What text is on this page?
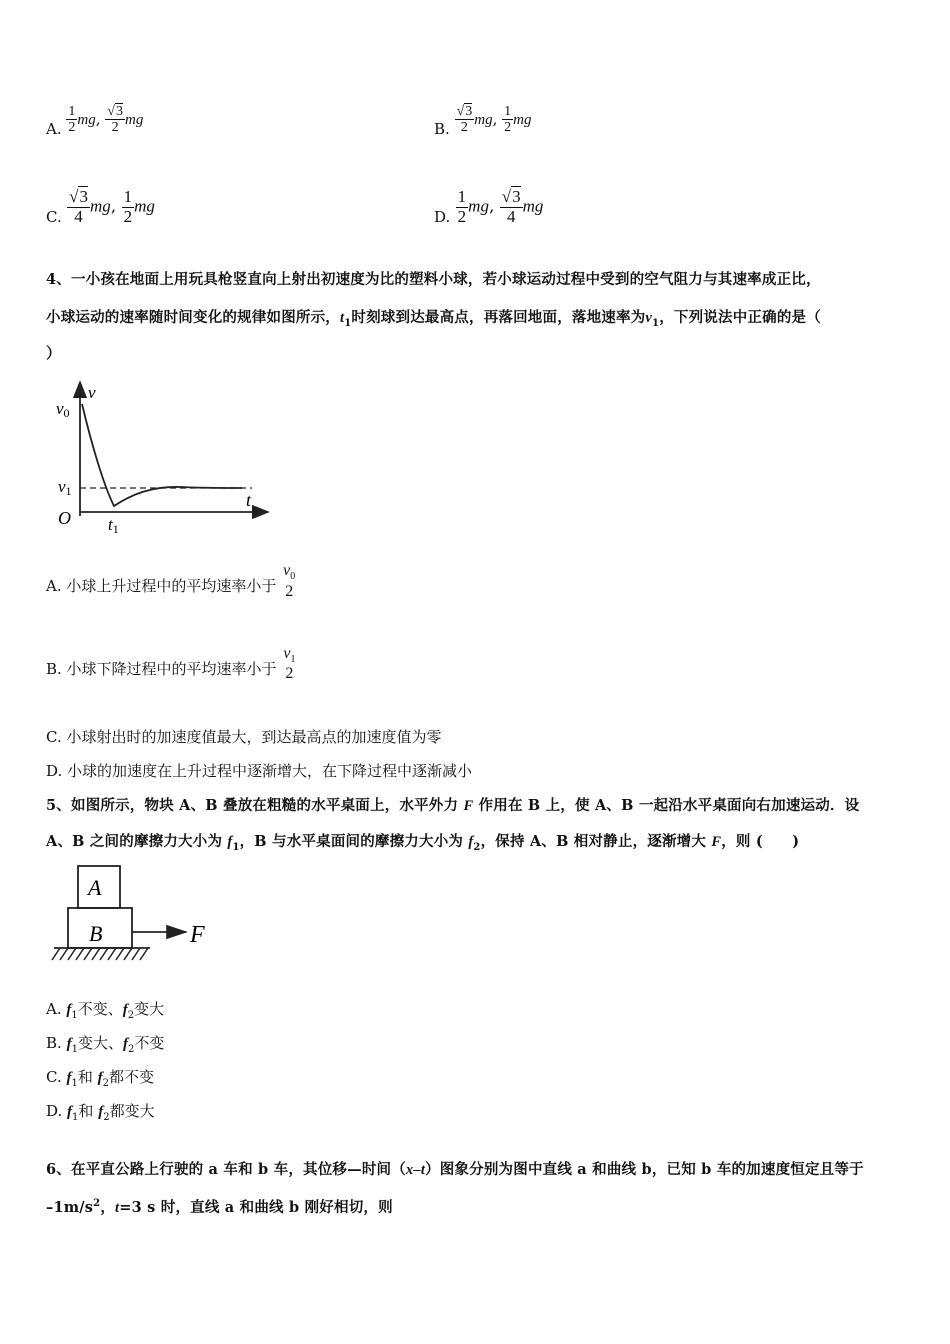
A. $\frac{1}{2}$ mg, $\frac{√3}{2}$ mg	B. $\frac{√3}{2}$ mg, $\frac{1}{2}$ mg
C. $\frac{√3}{4}$ mg, $\frac{1}{2}$ mg
D. $\frac{1}{2}$ mg, $\frac{√3}{4}$ mg
4、一小孩在地面上用玩具枪竖直向上射出初速度为比的塑料小球，若小球运动过程中受到的空气阻力与其速率成正比，
小球运动的速率随时间变化的规律如图所示，$t_1$时刻球到达最高点，再落回地面，落地速率为$v_1$，下列说法中正确的是（
）
v
v0
v1	t
O t1
A. 小球上升过程中的平均速率小于 $\frac{v_0}{2}$
B. 小球下降过程中的平均速率小于
$v_1$
2
C. 小球射出时的加速度值最大，到达最高点的加速度值为零
D. 小球的加速度在上升过程中逐渐增大，在下降过程中逐渐减小
5、如图所示，物块 A、B 叠放在粗糙的水平桌面上，水平外力 F 作用在 B 上，使 A、B 一起沿水平桌面向右加速运动．设
A、B 之间的摩擦力大小为 $f_1$，B 与水平桌面间的摩擦力大小为 $f_2$，保持 A、B 相对静止，逐渐增大 F，则 (　　)
A
B	F
A. $f_1$不变、$f_2$变大
B. $f_1$变大、$f_2$不变
C. $f_1$和 $f_2$都不变
D. $f_1$和 $f_2$都变大
6、在平直公路上行驶的 a 车和 b 车，其位移—时间（x–t）图象分别为图中直线 a 和曲线 b，已知 b 车的加速度恒定且等于
$-1m/s^2$，t=3 s 时，直线 a 和曲线 b 刚好相切，则
